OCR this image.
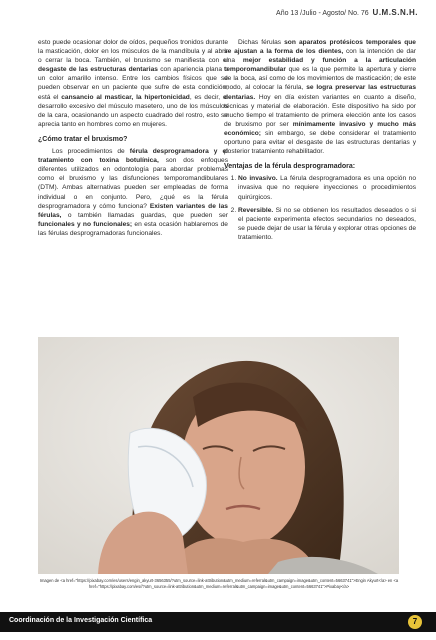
Año 13 /Julio - Agosto/ No. 76 U.M.S.N.H.

esto puede ocasionar dolor de oídos, pequeños tronidos durante la masticación, dolor en los músculos de la mandíbula y al abrir o cerrar la boca. También, el bruxismo se manifiesta con el desgaste de las estructuras dentarias con apariencia plana o un color amarillo intenso. Entre los cambios físicos que se pueden observar en un paciente que sufre de esta condición, está el cansancio al masticar, la hipertonicidad, es decir, el desarrollo excesivo del músculo masetero, uno de los músculos de la cara, ocasionando un aspecto cuadrado del rostro, esto se aprecia tanto en hombres como en mujeres.

¿Cómo tratar el bruxismo?

Los procedimientos de férula desprogramadora y el tratamiento con toxina botulínica, son dos enfoques diferentes utilizados en odontología para abordar problemas como el bruxismo y las disfunciones temporomandibulares (DTM). Ambas alternativas pueden ser empleadas de forma individual o en conjunto. Pero, ¿qué es la férula desprogramadora y cómo funciona? Existen variantes de las férulas, o también llamadas guardas, que pueden ser funcionales y no funcionales; en esta ocasión hablaremos de las férulas desprogramadoras funcionales.

Dichas férulas son aparatos protésicos temporales que se ajustan a la forma de los dientes, con la intención de dar una mejor estabilidad y función a la articulación temporomandibular que es la que permite la apertura y cierre de la boca, así como de los movimientos de masticación; de este modo, al colocar la férula, se logra preservar las estructuras dentarias. Hoy en día existen variantes en cuanto a diseño, técnicas y material de elaboración. Este dispositivo ha sido por mucho tiempo el tratamiento de primera elección ante los casos de bruxismo por ser mínimamente invasivo y mucho más económico; sin embargo, se debe considerar el tratamiento oportuno para evitar el desgaste de las estructuras dentarias y posterior tratamiento rehabilitador.

Ventajas de la férula desprogramadora:
1. No invasivo. La férula desprogramadora es una opción no invasiva que no requiere inyecciones o procedimientos quirúrgicos.
2. Reversible. Si no se obtienen los resultados deseados o si el paciente experimenta efectos secundarios no deseados, se puede dejar de usar la férula y explorar otras opciones de tratamiento.
Imagen de <a href="https://pixabay.com/es/users/engin_akyurt-3656355/?utm_source=link-attribution&utm_medium=referral&utm_campaign=image&utm_content=5663741">Engin Akyurt</a> en <a href="https://pixabay.com/es//?utm_source=link-attribution&utm_medium=referral&utm_campaign=image&utm_content=5663741">Pixabay</a>
Coordinación de la Investigación Científica	7
